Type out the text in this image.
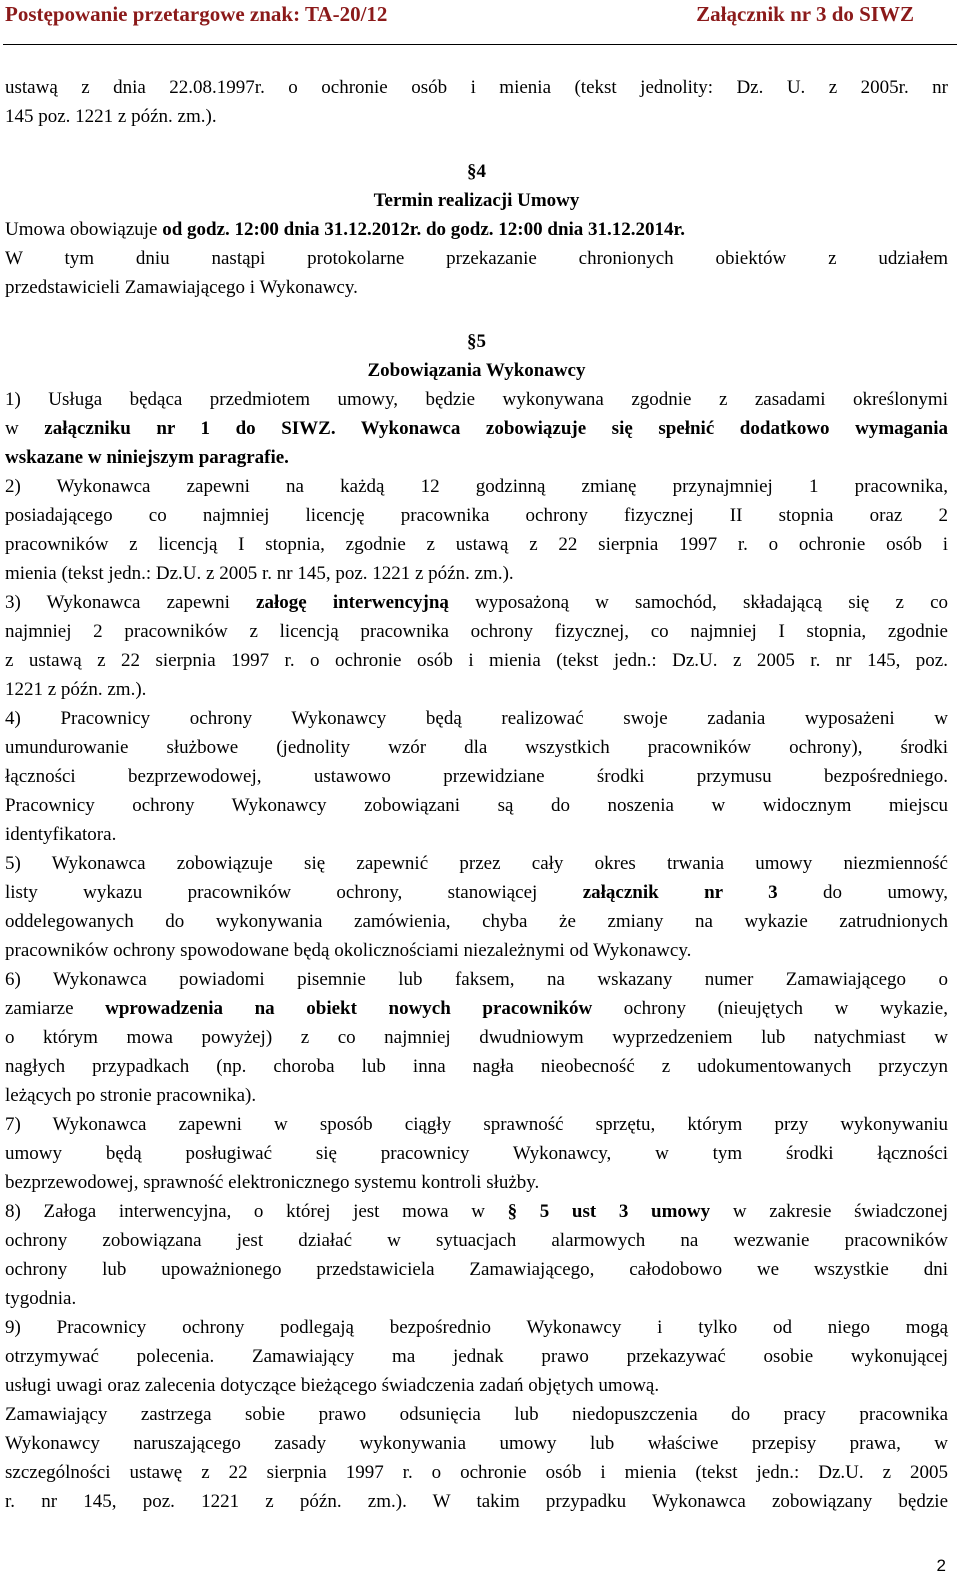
Postępowanie przetargowe znak: TA-20/12	Załącznik nr 3 do SIWZ
ustawą z dnia 22.08.1997r. o ochronie osób i mienia (tekst jednolity: Dz. U. z 2005r. nr
145 poz. 1221 z późn. zm.).
§4
Termin realizacji Umowy
Umowa obowiązuje od godz. 12:00 dnia 31.12.2012r. do godz. 12:00 dnia 31.12.2014r.
W tym dniu nastąpi protokolarne przekazanie chronionych obiektów z udziałem
przedstawicieli Zamawiającego i Wykonawcy.
§5
Zobowiązania Wykonawcy
1) Usługa będąca przedmiotem umowy, będzie wykonywana zgodnie z zasadami określonymi
w załączniku nr 1 do SIWZ. Wykonawca zobowiązuje się spełnić dodatkowo wymagania
wskazane w niniejszym paragrafie.
2) Wykonawca zapewni na każdą 12 godzinną zmianę przynajmniej 1 pracownika,
posiadającego co najmniej licencję pracownika ochrony fizycznej II stopnia oraz 2
pracowników z licencją I stopnia, zgodnie z ustawą z 22 sierpnia 1997 r. o ochronie osób i
mienia (tekst jedn.: Dz.U. z 2005 r. nr 145, poz. 1221 z późn. zm.).
3) Wykonawca zapewni załogę interwencyjną wyposażoną w samochód, składającą się z co
najmniej 2 pracowników z licencją pracownika ochrony fizycznej, co najmniej I stopnia, zgodnie
z ustawą z 22 sierpnia 1997 r. o ochronie osób i mienia (tekst jedn.: Dz.U. z 2005 r. nr 145, poz.
1221 z późn. zm.).
4) Pracownicy ochrony Wykonawcy będą realizować swoje zadania wyposażeni w
umundurowanie służbowe (jednolity wzór dla wszystkich pracowników ochrony), środki
łączności bezprzewodowej, ustawowo przewidziane środki przymusu bezpośredniego.
Pracownicy ochrony Wykonawcy zobowiązani są do noszenia w widocznym miejscu
identyfikatora.
5) Wykonawca zobowiązuje się zapewnić przez cały okres trwania umowy niezmienność
listy wykazu pracowników ochrony, stanowiącej załącznik nr 3 do umowy,
oddelegowanych do wykonywania zamówienia, chyba że zmiany na wykazie zatrudnionych
pracowników ochrony spowodowane będą okolicznościami niezależnymi od Wykonawcy.
6) Wykonawca powiadomi pisemnie lub faksem, na wskazany numer Zamawiającego o
zamiarze wprowadzenia na obiekt nowych pracowników ochrony (nieujętych w wykazie,
o którym mowa powyżej) z co najmniej dwudniowym wyprzedzeniem lub natychmiast w
nagłych przypadkach (np. choroba lub inna nagła nieobecność z udokumentowanych przyczyn
leżących po stronie pracownika).
7) Wykonawca zapewni w sposób ciągły sprawność sprzętu, którym przy wykonywaniu
umowy będą posługiwać się pracownicy Wykonawcy, w tym środki łączności
bezprzewodowej, sprawność elektronicznego systemu kontroli służby.
8) Załoga interwencyjna, o której jest mowa w § 5 ust 3 umowy w zakresie świadczonej
ochrony zobowiązana jest działać w sytuacjach alarmowych na wezwanie pracowników
ochrony lub upoważnionego przedstawiciela Zamawiającego, całodobowo we wszystkie dni
tygodnia.
9) Pracownicy ochrony podlegają bezpośrednio Wykonawcy i tylko od niego mogą
otrzymywać polecenia. Zamawiający ma jednak prawo przekazywać osobie wykonującej
usługi uwagi oraz zalecenia dotyczące bieżącego świadczenia zadań objętych umową.
Zamawiający zastrzega sobie prawo odsunięcia lub niedopuszczenia do pracy pracownika
Wykonawcy naruszającego zasady wykonywania umowy lub właściwe przepisy prawa, w
szczególności ustawę z 22 sierpnia 1997 r. o ochronie osób i mienia (tekst jedn.: Dz.U. z 2005
r. nr 145, poz. 1221 z późn. zm.). W takim przypadku Wykonawca zobowiązany będzie
2
